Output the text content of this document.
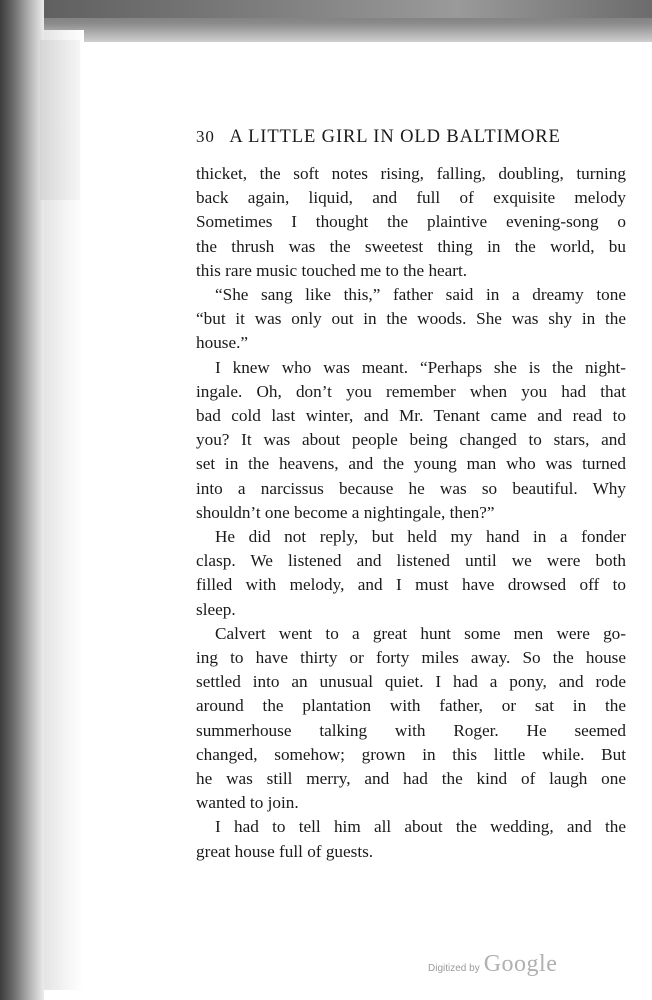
30 A LITTLE GIRL IN OLD BALTIMORE
thicket, the soft notes rising, falling, doubling, turning
back again, liquid, and full of exquisite melody
Sometimes I thought the plaintive evening-song o
the thrush was the sweetest thing in the world, bu
this rare music touched me to the heart.
“She sang like this,” father said in a dreamy tone
“but it was only out in the woods. She was shy in the
house.”
I knew who was meant. “Perhaps she is the night-
ingale. Oh, don’t you remember when you had that
bad cold last winter, and Mr. Tenant came and read to
you? It was about people being changed to stars, and
set in the heavens, and the young man who was turned
into a narcissus because he was so beautiful. Why
shouldn’t one become a nightingale, then?”
He did not reply, but held my hand in a fonder
clasp. We listened and listened until we were both
filled with melody, and I must have drowsed off to
sleep.
Calvert went to a great hunt some men were go-
ing to have thirty or forty miles away. So the house
settled into an unusual quiet. I had a pony, and rode
around the plantation with father, or sat in the
summerhouse talking with Roger. He seemed
changed, somehow; grown in this little while. But
he was still merry, and had the kind of laugh one
wanted to join.
I had to tell him all about the wedding, and the
great house full of guests.
Digitized by Google
